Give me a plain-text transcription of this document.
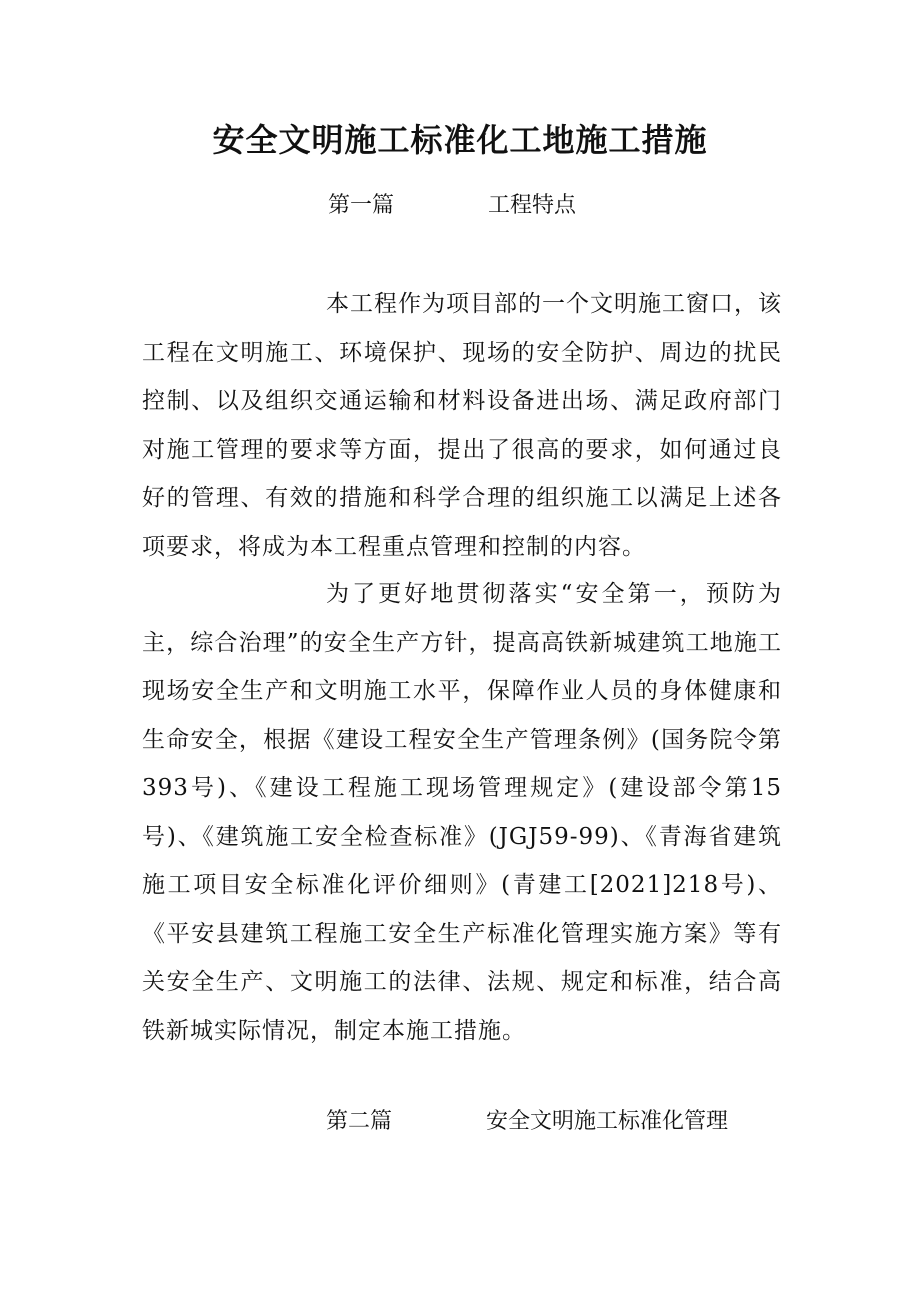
安全文明施工标准化工地施工措施
第一篇	工程特点

本工程作为项目部的一个文明施工窗口，该工程在文明施工、环境保护、现场的安全防护、周边的扰民控制、以及组织交通运输和材料设备进出场、满足政府部门对施工管理的要求等方面，提出了很高的要求，如何通过良好的管理、有效的措施和科学合理的组织施工以满足上述各项要求，将成为本工程重点管理和控制的内容。

为了更好地贯彻落实“安全第一，预防为主，综合治理”的安全生产方针，提高高铁新城建筑工地施工现场安全生产和文明施工水平，保障作业人员的身体健康和生命安全，根据《建设工程安全生产管理条例》(国务院令第393号)、《建设工程施工现场管理规定》(建设部令第15号)、《建筑施工安全检查标准》(JGJ59-99)、《青海省建筑施工项目安全标准化评价细则》(青建工[2021]218号)、《平安县建筑工程施工安全生产标准化管理实施方案》等有关安全生产、文明施工的法律、法规、规定和标准，结合高铁新城实际情况，制定本施工措施。

第二篇	安全文明施工标准化管理
